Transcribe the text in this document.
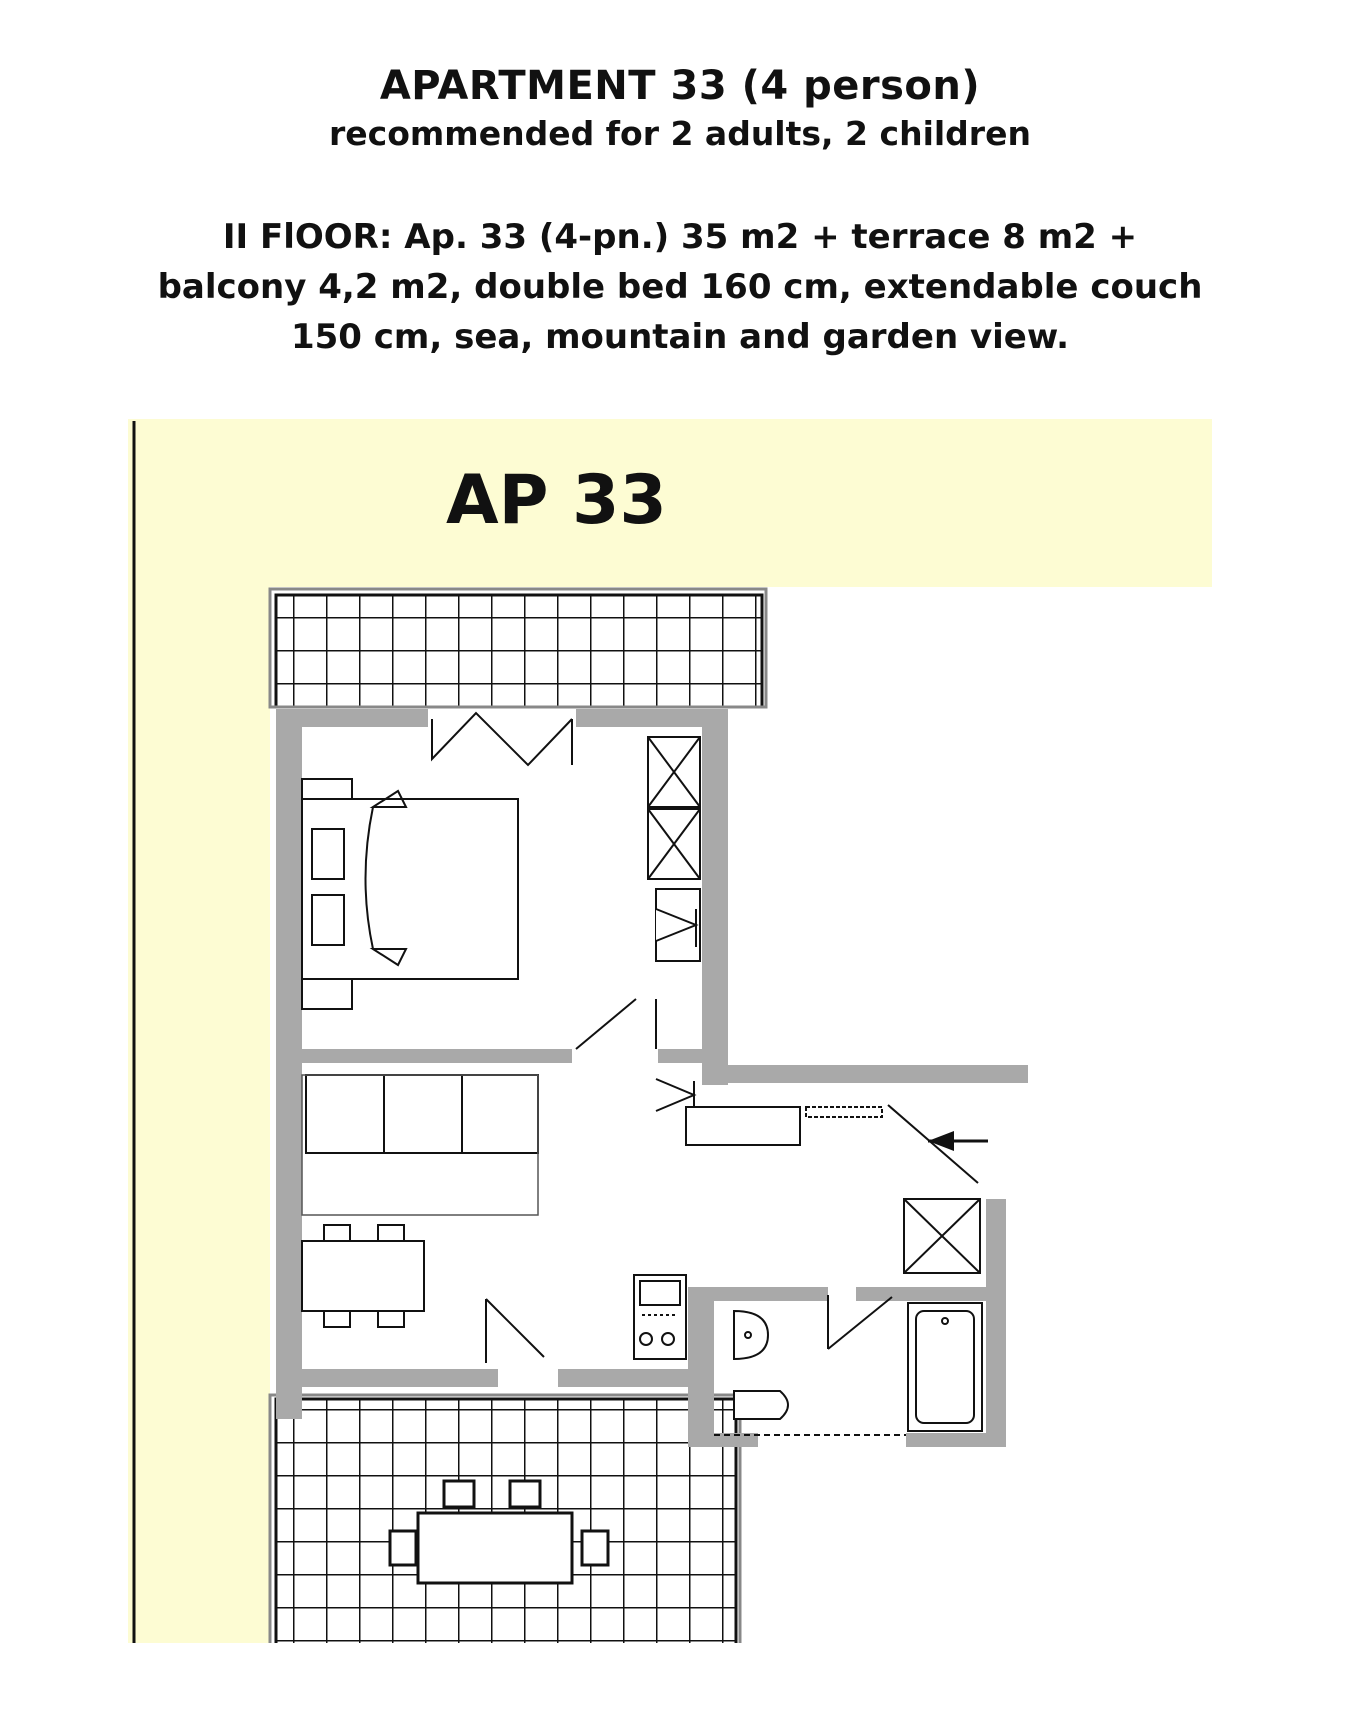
APARTMENT 33 (4 person)
recommended for 2 adults, 2 children
II FlOOR: Ap. 33 (4-pn.) 35 m2 + terrace 8 m2 +
balcony 4,2 m2, double bed 160 cm, extendable couch
150 cm, sea, mountain and garden view.
AP 33
